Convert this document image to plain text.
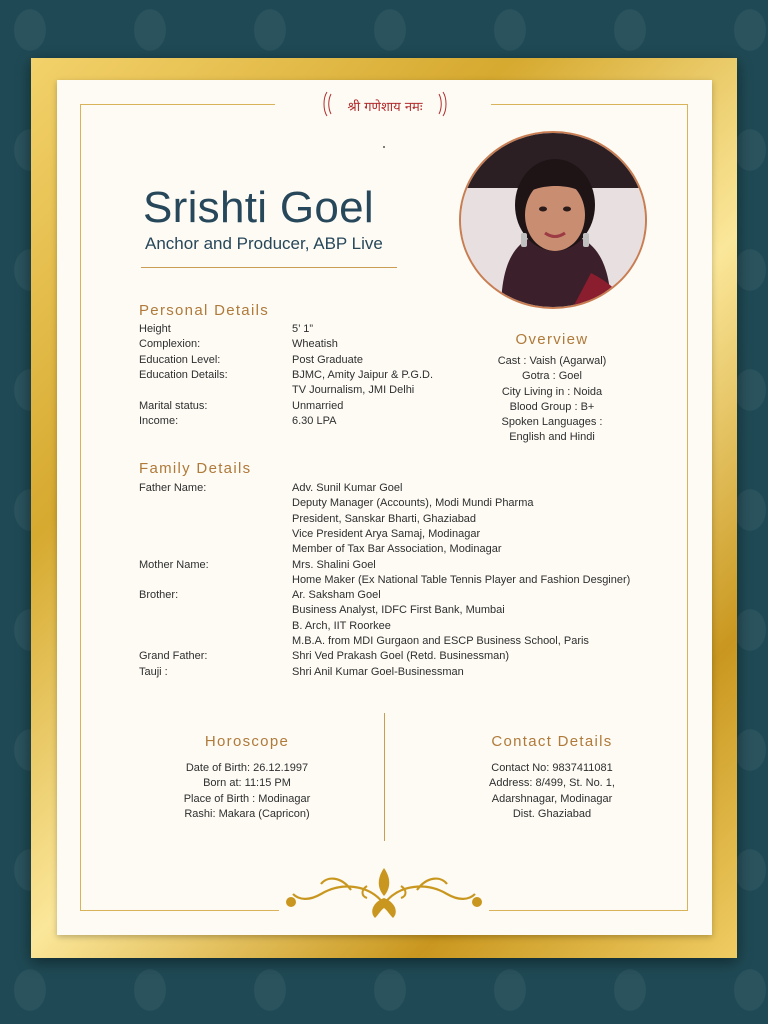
श्री गणेशाय नमः
Srishti Goel
Anchor and Producer, ABP Live
Personal Details
Height	5’ 1”
Complexion:	Wheatish
Education Level:	Post Graduate
Education Details:	BJMC, Amity Jaipur & P.G.D.
TV Journalism, JMI Delhi
Marital status:	Unmarried
Income:	6.30 LPA
Overview
Cast : Vaish (Agarwal)
Gotra : Goel
City Living in : Noida
Blood Group : B+
Spoken Languages :
English and Hindi
Family Details
Father Name:	Adv. Sunil Kumar Goel
Deputy Manager (Accounts), Modi Mundi Pharma
President, Sanskar Bharti, Ghaziabad
Vice President Arya Samaj, Modinagar
Member of Tax Bar Association, Modinagar
Mother Name:	Mrs. Shalini Goel
Home Maker (Ex National Table Tennis Player and Fashion Desginer)
Brother:	Ar. Saksham Goel
Business Analyst, IDFC First Bank, Mumbai
B. Arch, IIT Roorkee
M.B.A. from MDI Gurgaon and ESCP Business School, Paris
Grand Father:	Shri Ved Prakash Goel (Retd. Businessman)
Tauji :	Shri Anil Kumar Goel-Businessman
Horoscope
Date of Birth: 26.12.1997
Born at: 11:15 PM
Place of Birth : Modinagar
Rashi: Makara (Capricon)
Contact Details
Contact No: 9837411081
Address: 8/499, St. No. 1,
Adarshnagar, Modinagar
Dist. Ghaziabad
